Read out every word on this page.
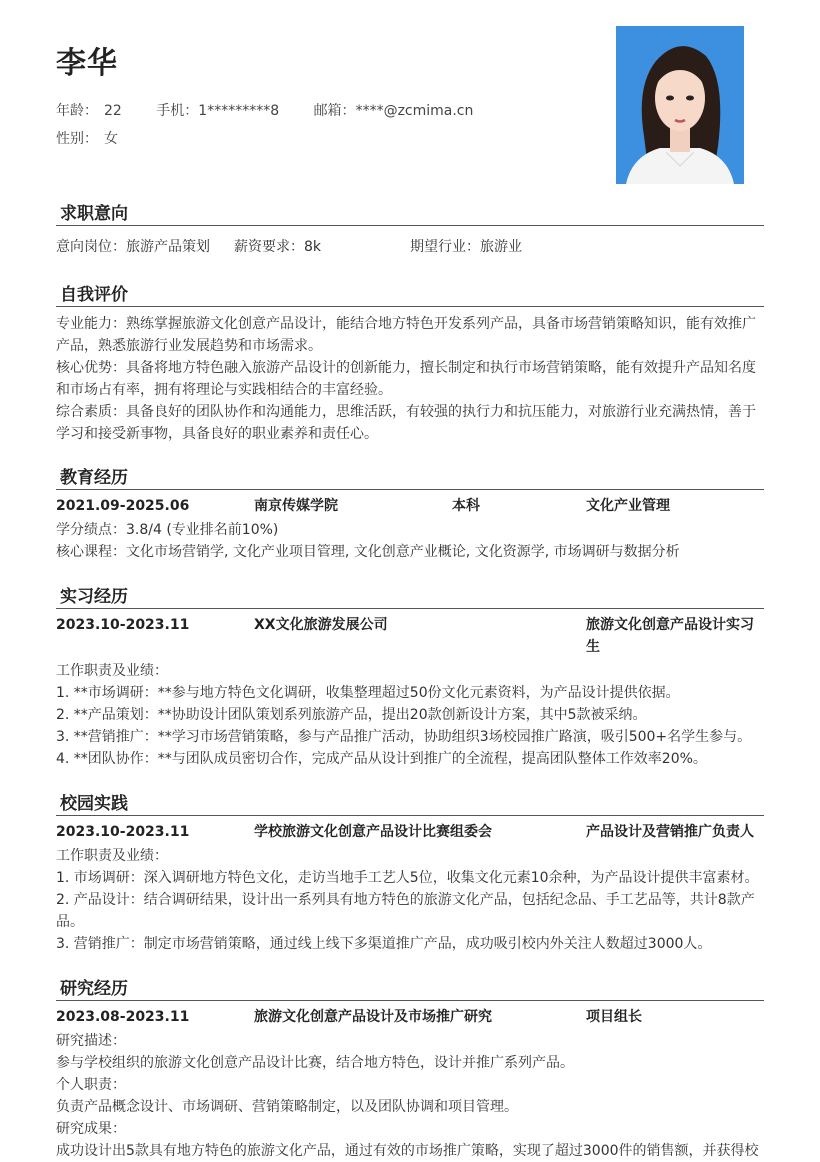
李华
年龄： 22 手机：1*********8 邮箱：****@zcmima.cn
性别： 女
求职意向
意向岗位：旅游产品策划 薪资要求：8k	期望行业：旅游业
自我评价
专业能力：熟练掌握旅游文化创意产品设计，能结合地方特色开发系列产品，具备市场营销策略知识，能有效推广
产品，熟悉旅游行业发展趋势和市场需求。
核心优势：具备将地方特色融入旅游产品设计的创新能力，擅长制定和执行市场营销策略，能有效提升产品知名度
和市场占有率，拥有将理论与实践相结合的丰富经验。
综合素质：具备良好的团队协作和沟通能力，思维活跃，有较强的执行力和抗压能力，对旅游行业充满热情，善于
学习和接受新事物，具备良好的职业素养和责任心。
教育经历
2021.09-2025.06	南京传媒学院	本科	文化产业管理
学分绩点：3.8/4 (专业排名前10%)
核心课程：文化市场营销学, 文化产业项目管理, 文化创意产业概论, 文化资源学, 市场调研与数据分析
实习经历
2023.10-2023.11	XX文化旅游发展公司	旅游文化创意产品设计实习
生
工作职责及业绩：
1. **市场调研：**参与地方特色文化调研，收集整理超过50份文化元素资料，为产品设计提供依据。
2. **产品策划：**协助设计团队策划系列旅游产品，提出20款创新设计方案，其中5款被采纳。
3. **营销推广：**学习市场营销策略，参与产品推广活动，协助组织3场校园推广路演，吸引500+名学生参与。
4. **团队协作：**与团队成员密切合作，完成产品从设计到推广的全流程，提高团队整体工作效率20%。
校园实践
2023.10-2023.11	学校旅游文化创意产品设计比赛组委会	产品设计及营销推广负责人
工作职责及业绩：
1. 市场调研：深入调研地方特色文化，走访当地手工艺人5位，收集文化元素10余种，为产品设计提供丰富素材。
2. 产品设计：结合调研结果，设计出一系列具有地方特色的旅游文化产品，包括纪念品、手工艺品等，共计8款产
品。
3. 营销推广：制定市场营销策略，通过线上线下多渠道推广产品，成功吸引校内外关注人数超过3000人。
研究经历
2023.08-2023.11	旅游文化创意产品设计及市场推广研究	项目组长
研究描述：
参与学校组织的旅游文化创意产品设计比赛，结合地方特色，设计并推广系列产品。
个人职责：
负责产品概念设计、市场调研、营销策略制定，以及团队协调和项目管理。
研究成果：
成功设计出5款具有地方特色的旅游文化产品，通过有效的市场推广策略，实现了超过3000件的销售额，并获得校
